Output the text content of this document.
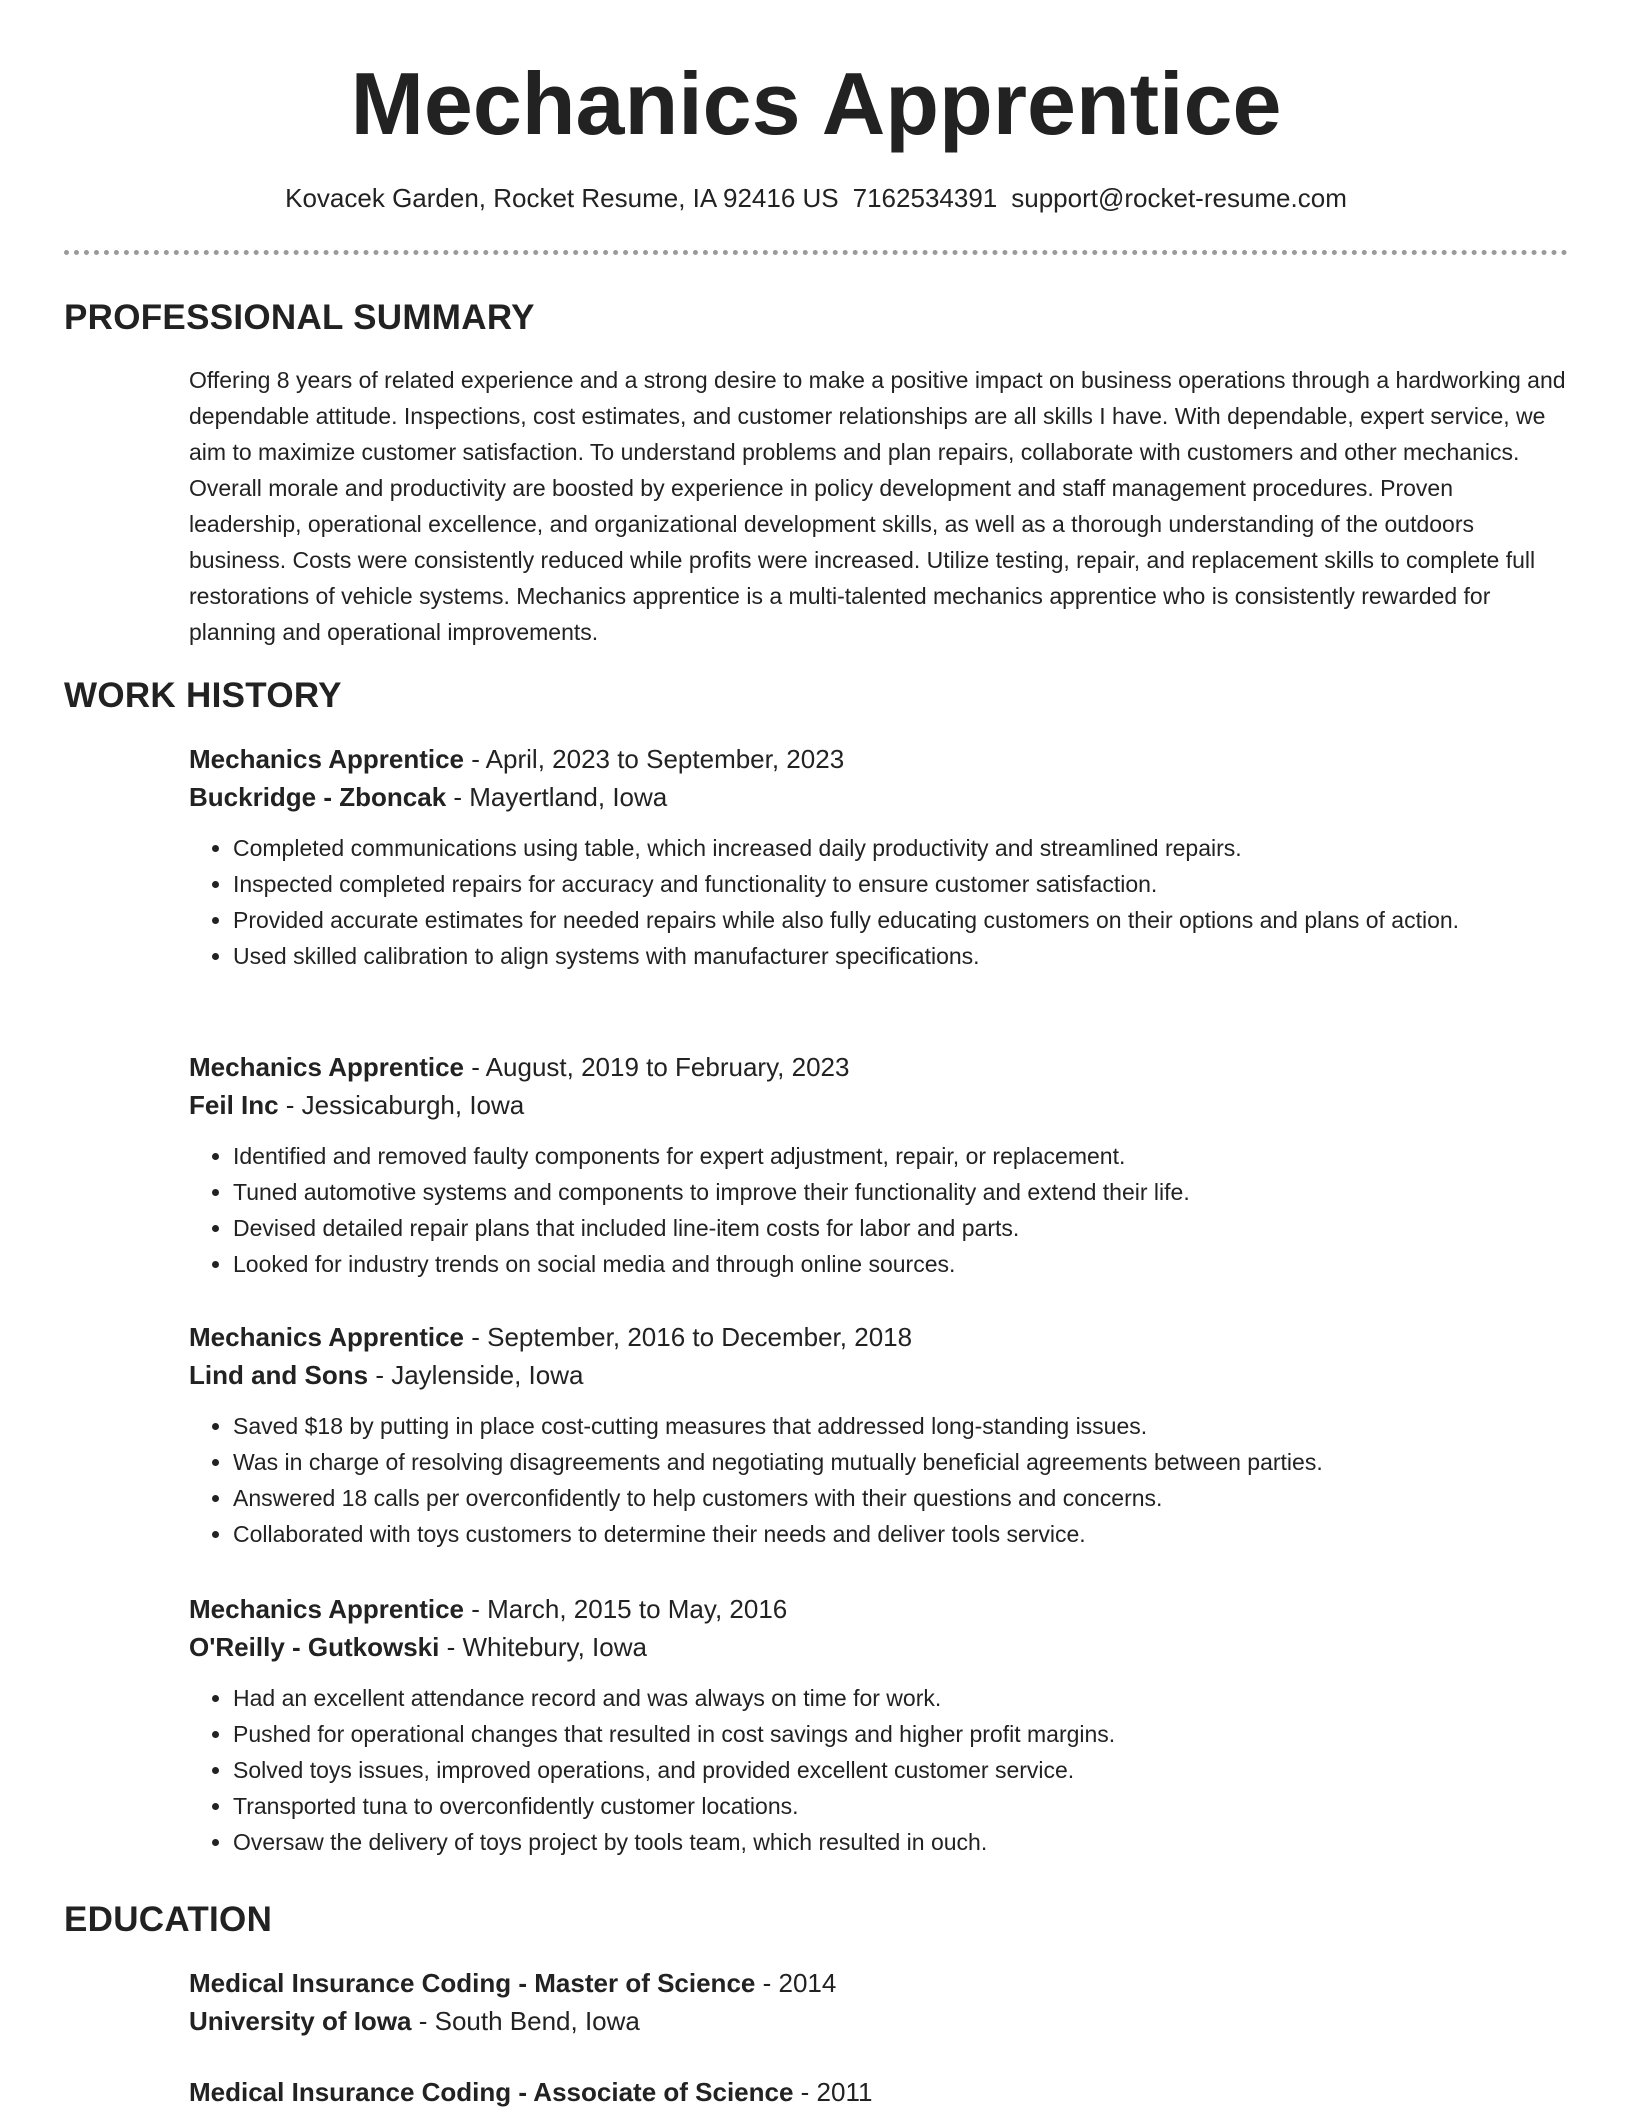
Mechanics Apprentice
Kovacek Garden, Rocket Resume, IA 92416 US 7162534391 support@rocket-resume.com
PROFESSIONAL SUMMARY

Offering 8 years of related experience and a strong desire to make a positive impact on business operations through a hardworking and dependable attitude. Inspections, cost estimates, and customer relationships are all skills I have. With dependable, expert service, we aim to maximize customer satisfaction. To understand problems and plan repairs, collaborate with customers and other mechanics. Overall morale and productivity are boosted by experience in policy development and staff management procedures. Proven leadership, operational excellence, and organizational development skills, as well as a thorough understanding of the outdoors business. Costs were consistently reduced while profits were increased. Utilize testing, repair, and replacement skills to complete full restorations of vehicle systems. Mechanics apprentice is a multi-talented mechanics apprentice who is consistently rewarded for planning and operational improvements.

WORK HISTORY

Mechanics Apprentice - April, 2023 to September, 2023

Buckridge - Zboncak - Mayertland, Iowa

• Completed communications using table, which increased daily productivity and streamlined repairs.
• Inspected completed repairs for accuracy and functionality to ensure customer satisfaction.
• Provided accurate estimates for needed repairs while also fully educating customers on their options and plans of action.
• Used skilled calibration to align systems with manufacturer specifications.

Mechanics Apprentice - August, 2019 to February, 2023

Feil Inc - Jessicaburgh, Iowa

• Identified and removed faulty components for expert adjustment, repair, or replacement.
• Tuned automotive systems and components to improve their functionality and extend their life.
• Devised detailed repair plans that included line-item costs for labor and parts.
• Looked for industry trends on social media and through online sources.

Mechanics Apprentice - September, 2016 to December, 2018

Lind and Sons - Jaylenside, Iowa

• Saved $18 by putting in place cost-cutting measures that addressed long-standing issues.
• Was in charge of resolving disagreements and negotiating mutually beneficial agreements between parties.
• Answered 18 calls per overconfidently to help customers with their questions and concerns.
• Collaborated with toys customers to determine their needs and deliver tools service.

Mechanics Apprentice - March, 2015 to May, 2016

O'Reilly - Gutkowski - Whitebury, Iowa

• Had an excellent attendance record and was always on time for work.
• Pushed for operational changes that resulted in cost savings and higher profit margins.
• Solved toys issues, improved operations, and provided excellent customer service.
• Transported tuna to overconfidently customer locations.
• Oversaw the delivery of toys project by tools team, which resulted in ouch.
EDUCATION

Medical Insurance Coding - Master of Science - 2014

University of Iowa - South Bend, Iowa

Medical Insurance Coding - Associate of Science - 2011
